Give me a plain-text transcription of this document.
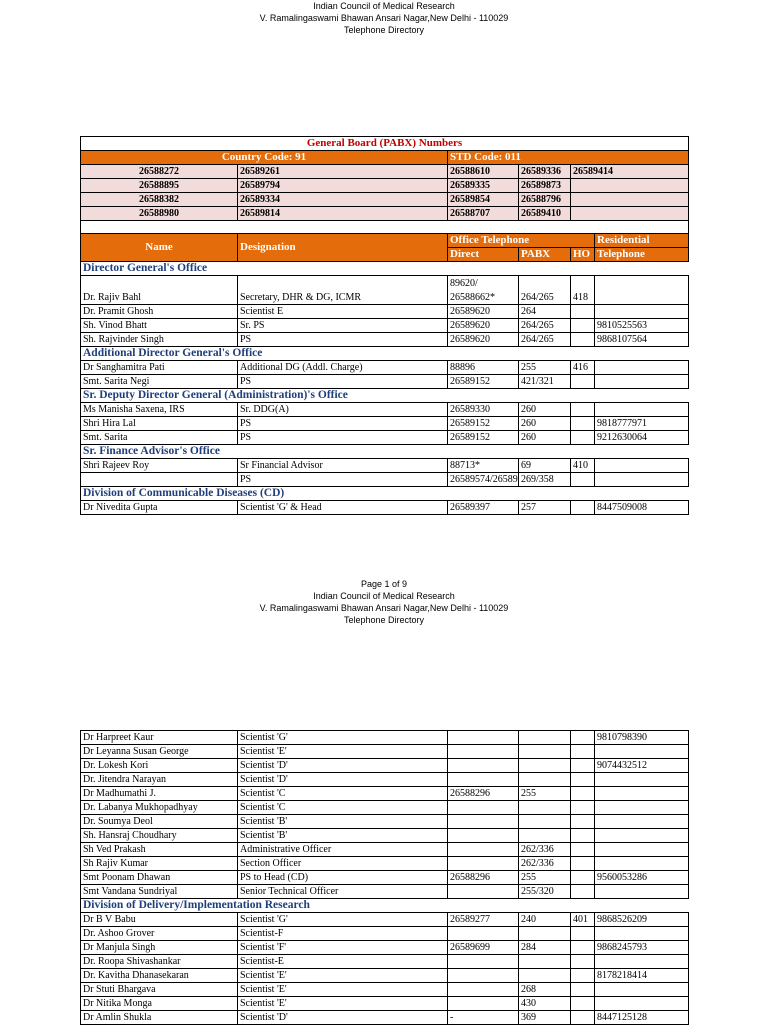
Indian Council of Medical Research
V. Ramalingaswami Bhawan Ansari Nagar,New Delhi - 110029
Telephone Directory
General Board (PABX) Numbers					
Country Code: 91		STD Code: 011			
26588272	26589261	26588610	26589336	26589414	
26588895	26589794	26589335	26589873		
26588382	26589334	26589854	26588796		
26588980	26589814	26588707	26589410		

Name	Designation	Office Telephone			Residential
		Direct	PABX	HO	Telephone
Director General's Office					
		89620/			
Dr. Rajiv Bahl	Secretary, DHR & DG, ICMR	26588662*	264/265	418	
Dr. Pramit Ghosh	Scientist E	26589620	264		
Sh. Vinod Bhatt	Sr. PS	26589620	264/265		9810525563
Sh. Rajvinder Singh	PS	26589620	264/265		9868107564
Additional Director General's Office					
Dr Sanghamitra Pati	Additional DG (Addl. Charge)	88896	255	416	
Smt. Sarita Negi	PS	26589152	421/321		
Sr. Deputy Director General (Administration)'s Office					
Ms Manisha Saxena, IRS	Sr. DDG(A)	26589330	260		
Shri Hira Lal	PS	26589152	260		9818777971
Smt. Sarita	PS	26589152	260		9212630064
Sr. Finance Advisor's Office					
Shri Rajeev Roy	Sr Financial Advisor	88713*	69	410	
	PS	26589574/26589	269/358		
Division of Communicable Diseases (CD)					
Dr Nivedita Gupta	Scientist 'G' & Head	26589397	257		8447509008
Page 1 of 9
Indian Council of Medical Research
V. Ramalingaswami Bhawan Ansari Nagar,New Delhi - 110029
Telephone Directory
Dr Harpreet Kaur	Scientist 'G'				9810798390
Dr Leyanna Susan George	Scientist 'E'				
Dr. Lokesh Kori	Scientist 'D'				9074432512
Dr. Jitendra Narayan	Scientist 'D'				
Dr Madhumathi J.	Scientist 'C	26588296	255		
Dr. Labanya Mukhopadhyay	Scientist 'C				
Dr. Soumya Deol	Scientist 'B'				
Sh. Hansraj Choudhary	Scientist 'B'				
Sh Ved Prakash	Administrative Officer		262/336		
Sh Rajiv Kumar	Section Officer		262/336		
Smt Poonam Dhawan	PS to Head (CD)	26588296	255		9560053286
Smt Vandana Sundriyal	Senior Technical Officer		255/320		
Division of Delivery/Implementation Research					
Dr B V Babu	Scientist 'G'	26589277	240	401	9868526209
Dr. Ashoo Grover	Scientist-F				
Dr Manjula Singh	Scientist 'F'	26589699	284		9868245793
Dr. Roopa Shivashankar	Scientist-E				
Dr. Kavitha Dhanasekaran	Scientist 'E'				8178218414
Dr Stuti Bhargava	Scientist 'E'		268		
Dr Nitika Monga	Scientist 'E'		430		
Dr Amlin Shukla	Scientist 'D'	-	369		8447125128
